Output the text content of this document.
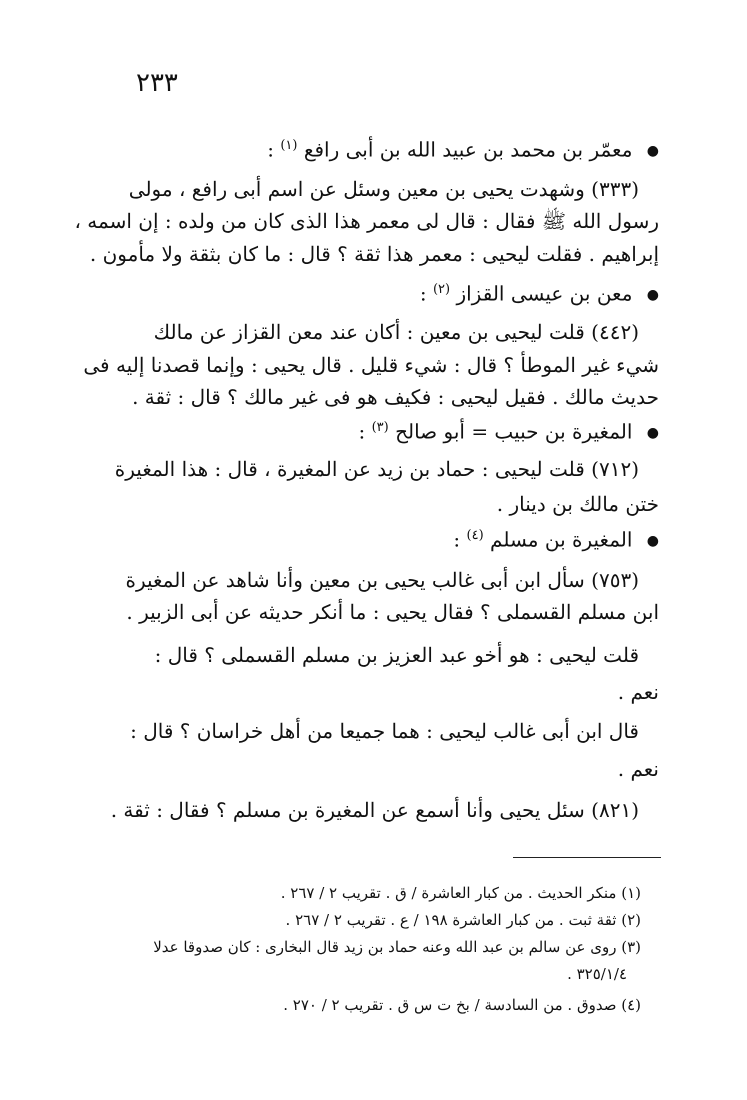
٢٣٣
● معمّر بن محمد بن عبيد الله بن أبى رافع $^{(١)}$ :
(٣٣٣) وشهدت يحيى بن معين وسئل عن اسم أبى رافع ، مولى
رسول الله ﷺ فقال : قال لى معمر هذا الذى كان من ولده : إن اسمه ،
إبراهيم . فقلت ليحيى : معمر هذا ثقة ؟ قال : ما كان بثقة ولا مأمون .
● معن بن عيسى القزاز $^{(٢)}$ :
(٤٤٢) قلت ليحيى بن معين : أكان عند معن القزاز عن مالك
شيء غير الموطأ ؟ قال : شيء قليل . قال يحيى : وإنما قصدنا إليه فى
حديث مالك . فقيل ليحيى : فكيف هو فى غير مالك ؟ قال : ثقة .
● المغيرة بن حبيب = أبو صالح $^{(٣)}$ :
(٧١٢) قلت ليحيى : حماد بن زيد عن المغيرة ، قال : هذا المغيرة
ختن مالك بن دينار .
● المغيرة بن مسلم $^{(٤)}$ :
(٧٥٣) سأل ابن أبى غالب يحيى بن معين وأنا شاهد عن المغيرة
ابن مسلم القسملى ؟ فقال يحيى : ما أنكر حديثه عن أبى الزبير .
قلت ليحيى : هو أخو عبد العزيز بن مسلم القسملى ؟ قال :
نعم .
قال ابن أبى غالب ليحيى : هما جميعا من أهل خراسان ؟ قال :
نعم .
(٨٢١) سئل يحيى وأنا أسمع عن المغيرة بن مسلم ؟ فقال : ثقة .
(١) منكر الحديث . من كبار العاشرة / ق . تقريب ٢ / ٢٦٧ .
(٢) ثقة ثبت . من كبار العاشرة ١٩٨ / ع . تقريب ٢ / ٢٦٧ .
(٣) روى عن سالم بن عبد الله وعنه حماد بن زيد قال البخارى : كان صدوقا عدلا
٣٢٥/١/٤ .
(٤) صدوق . من السادسة / بخ ت س ق . تقريب ٢ / ٢٧٠ .
